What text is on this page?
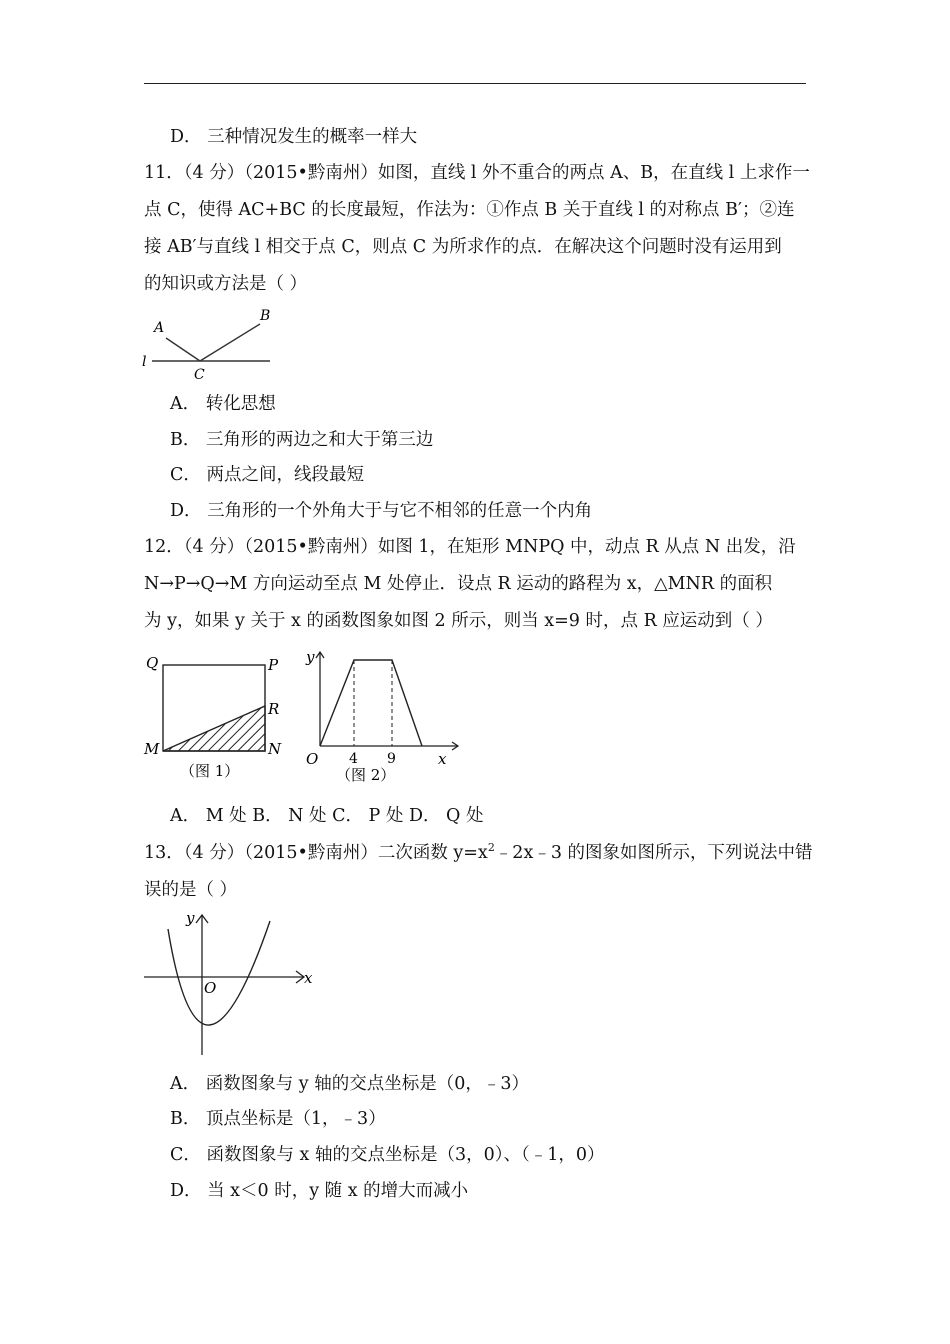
D． 三种情况发生的概率一样大
11．（4 分）（2015•黔南州）如图，直线 l 外不重合的两点 A、B，在直线 l 上求作一
点 C，使得 AC+BC 的长度最短，作法为：①作点 B 关于直线 l 的对称点 B′；②连
接 AB′与直线 l 相交于点 C，则点 C 为所求作的点．在解决这个问题时没有运用到
的知识或方法是（ ）
A
B
C
l
A． 转化思想
B． 三角形的两边之和大于第三边
C． 两点之间，线段最短
D． 三角形的一个外角大于与它不相邻的任意一个内角
12．（4 分）（2015•黔南州）如图 1，在矩形 MNPQ 中，动点 R 从点 N 出发，沿
N→P→Q→M 方向运动至点 M 处停止．设点 R 运动的路程为 x，△MNR 的面积
为 y，如果 y 关于 x 的函数图象如图 2 所示，则当 x=9 时，点 R 应运动到（ ）
Q	P
R
M	N
（图 1）
y
x
O 4 9
（图 2）
A． M 处 B． N 处 C． P 处 D． Q 处
13．（4 分）（2015•黔南州）二次函数 $y=x^2﹣2x﹣3$ 的图象如图所示，下列说法中错
误的是（ ）
y
x
O
A． 函数图象与 y 轴的交点坐标是（0，﹣3）
B． 顶点坐标是（1，﹣3）
C． 函数图象与 x 轴的交点坐标是（3，0）、（﹣1，0）
D． 当 x＜0 时，y 随 x 的增大而减小
